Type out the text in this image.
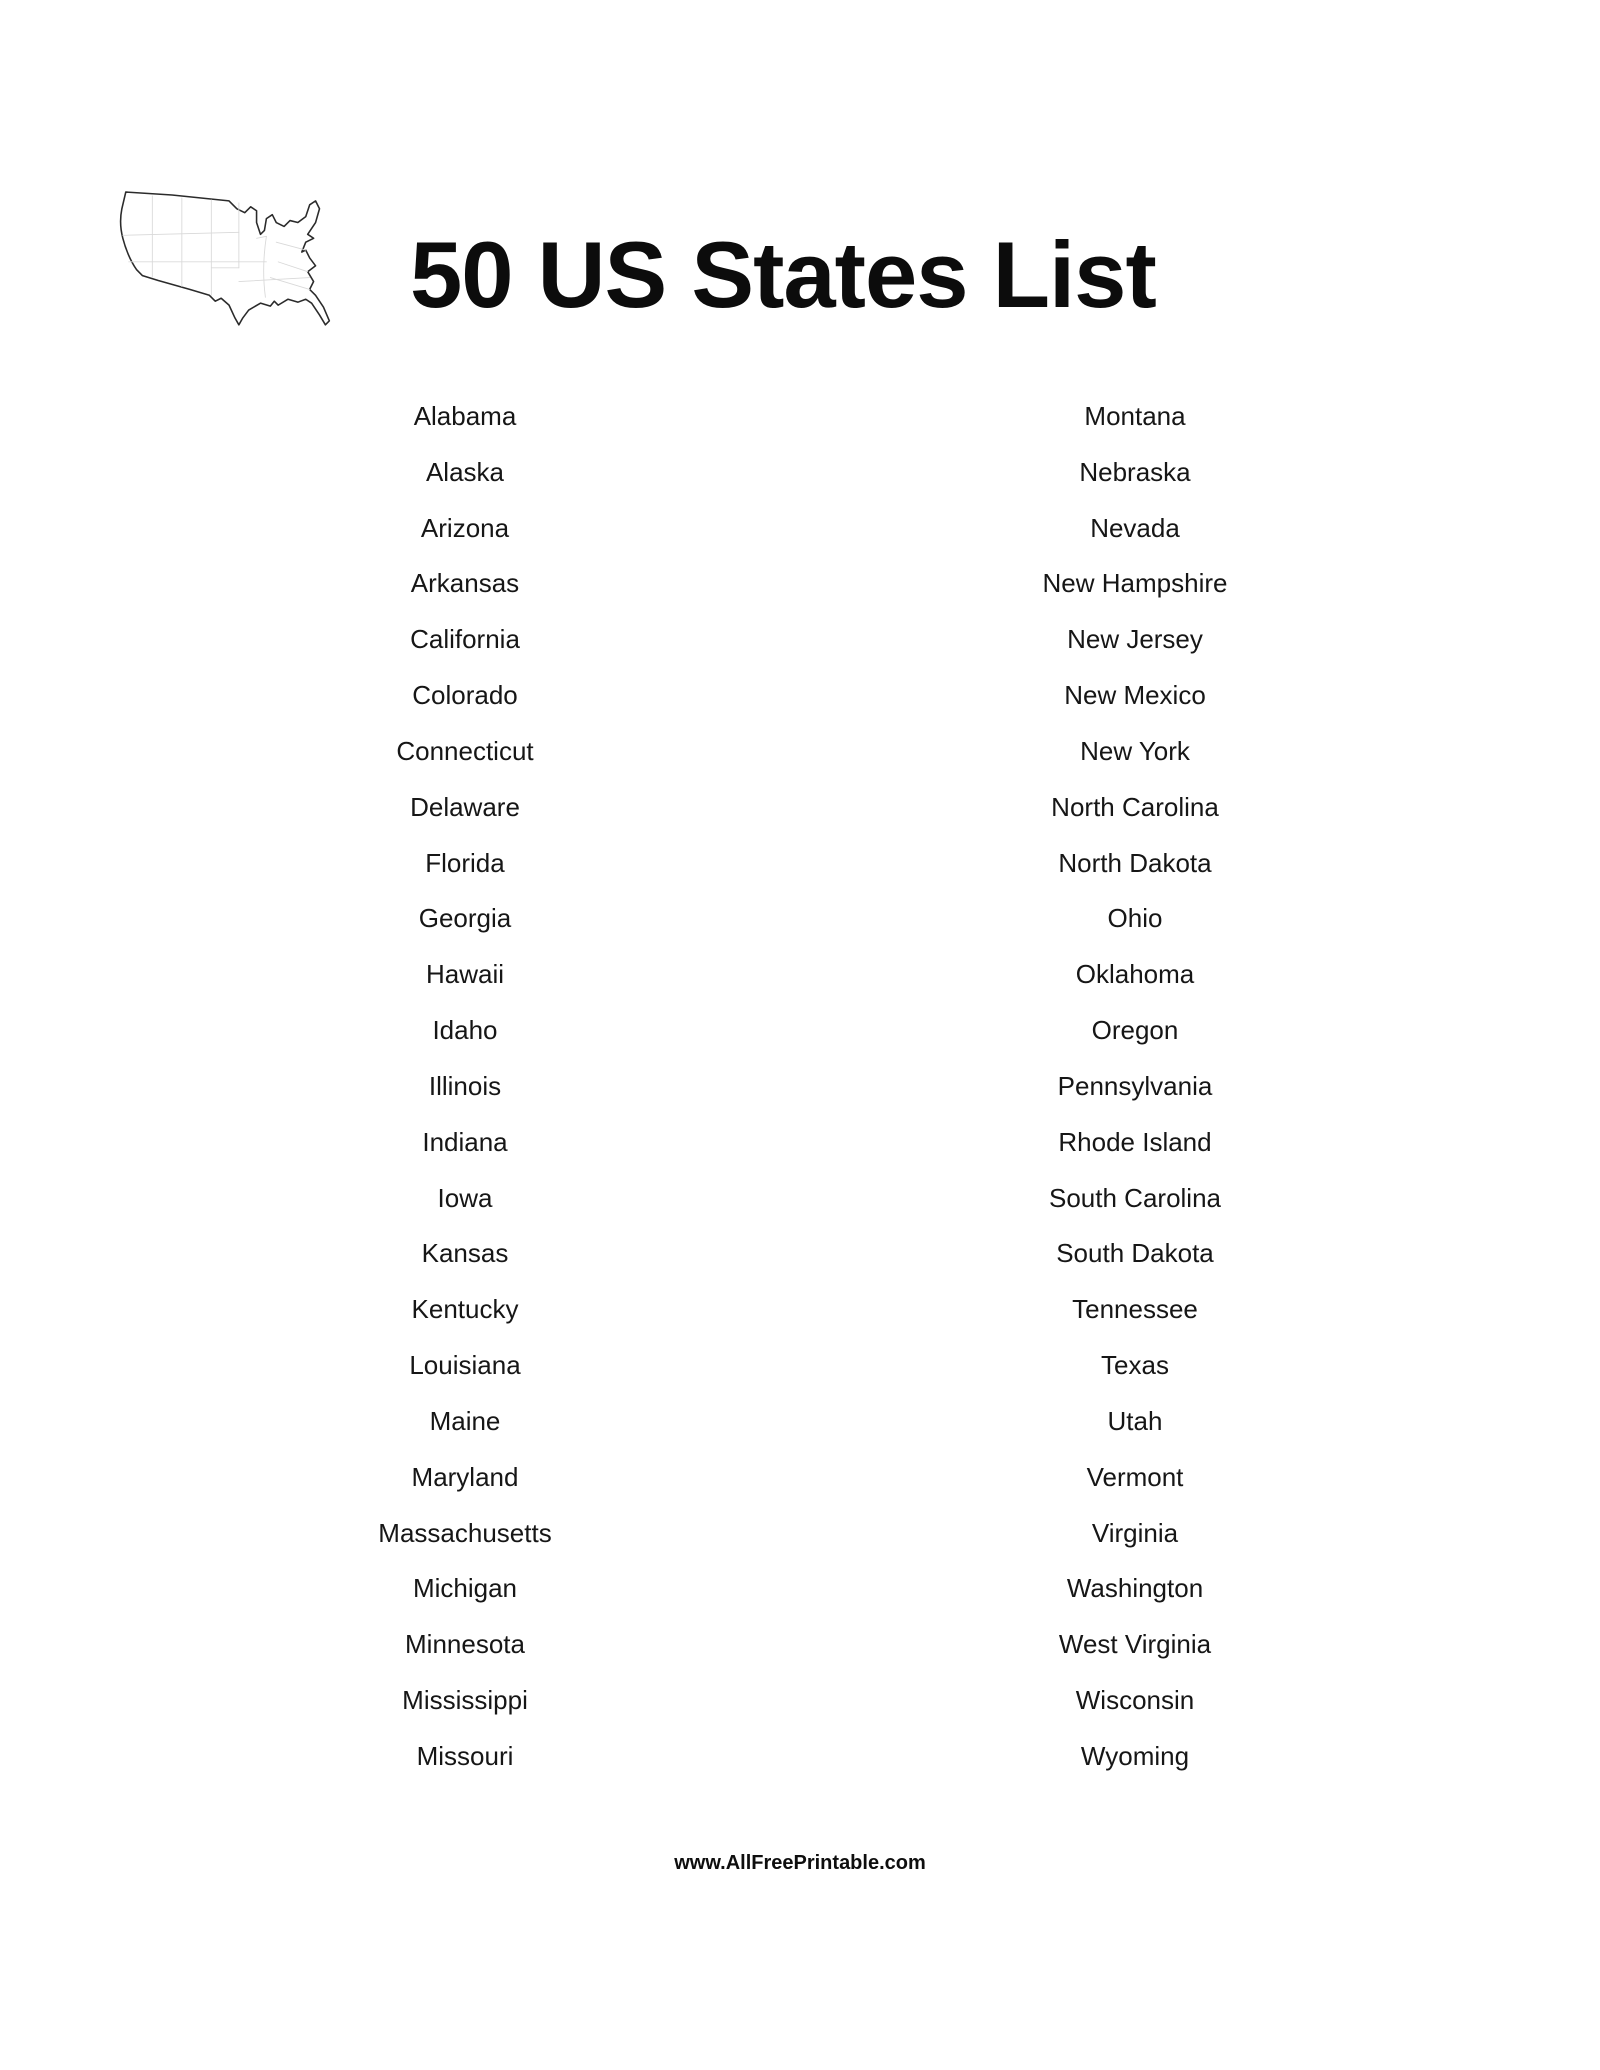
50 US States List
Alabama
Alaska
Arizona
Arkansas
California
Colorado
Connecticut
Delaware
Florida
Georgia
Hawaii
Idaho
Illinois
Indiana
Iowa
Kansas
Kentucky
Louisiana
Maine
Maryland
Massachusetts
Michigan
Minnesota
Mississippi
Missouri
Montana
Nebraska
Nevada
New Hampshire
New Jersey
New Mexico
New York
North Carolina
North Dakota
Ohio
Oklahoma
Oregon
Pennsylvania
Rhode Island
South Carolina
South Dakota
Tennessee
Texas
Utah
Vermont
Virginia
Washington
West Virginia
Wisconsin
Wyoming
www.AllFreePrintable.com
